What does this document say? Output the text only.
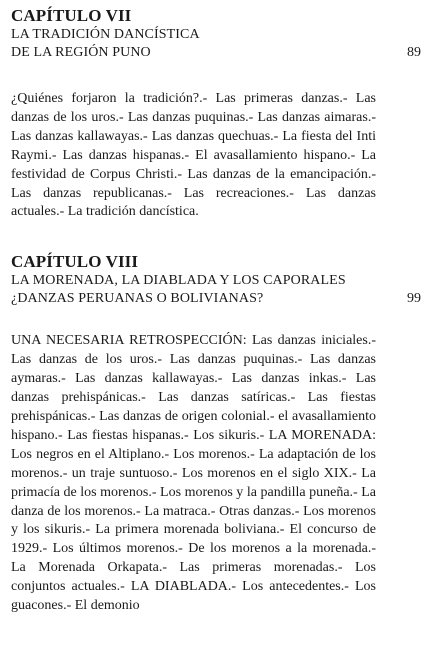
CAPÍTULO VII
LA TRADICIÓN DANCÍSTICA
DE LA REGIÓN PUNO	89
¿Quiénes forjaron la tradición?.- Las primeras danzas.- Las danzas de los uros.- Las danzas puquinas.- Las danzas aimaras.- Las danzas kallawayas.- Las danzas quechuas.- La fiesta del Inti Raymi.- Las danzas hispanas.- El avasallamiento hispano.- La festividad de Corpus Christi.- Las danzas de la emancipación.- Las danzas republicanas.- Las recreaciones.- Las danzas actuales.- La tradición dancística.
CAPÍTULO VIII
LA MORENADA, LA DIABLADA Y LOS CAPORALES
¿DANZAS PERUANAS O BOLIVIANAS?	99
UNA NECESARIA RETROSPECCIÓN: Las danzas iniciales.- Las danzas de los uros.- Las danzas puquinas.- Las danzas aymaras.- Las danzas kallawayas.- Las danzas inkas.- Las danzas prehispánicas.- Las danzas satíricas.- Las fiestas prehispánicas.- Las danzas de origen colonial.- el avasallamiento hispano.- Las fiestas hispanas.- Los sikuris.- LA MORENADA: Los negros en el Altiplano.- Los morenos.- La adaptación de los morenos.- un traje suntuoso.- Los morenos en el siglo XIX.- La primacía de los morenos.- Los morenos y la pandilla puneña.- La danza de los morenos.- La matraca.- Otras danzas.- Los morenos y los sikuris.- La primera morenada boliviana.- El concurso de 1929.- Los últimos morenos.- De los morenos a la morenada.- La Morenada Orkapata.- Las primeras morenadas.- Los conjuntos actuales.- LA DIABLADA.- Los antecedentes.- Los guacones.- El demonio
